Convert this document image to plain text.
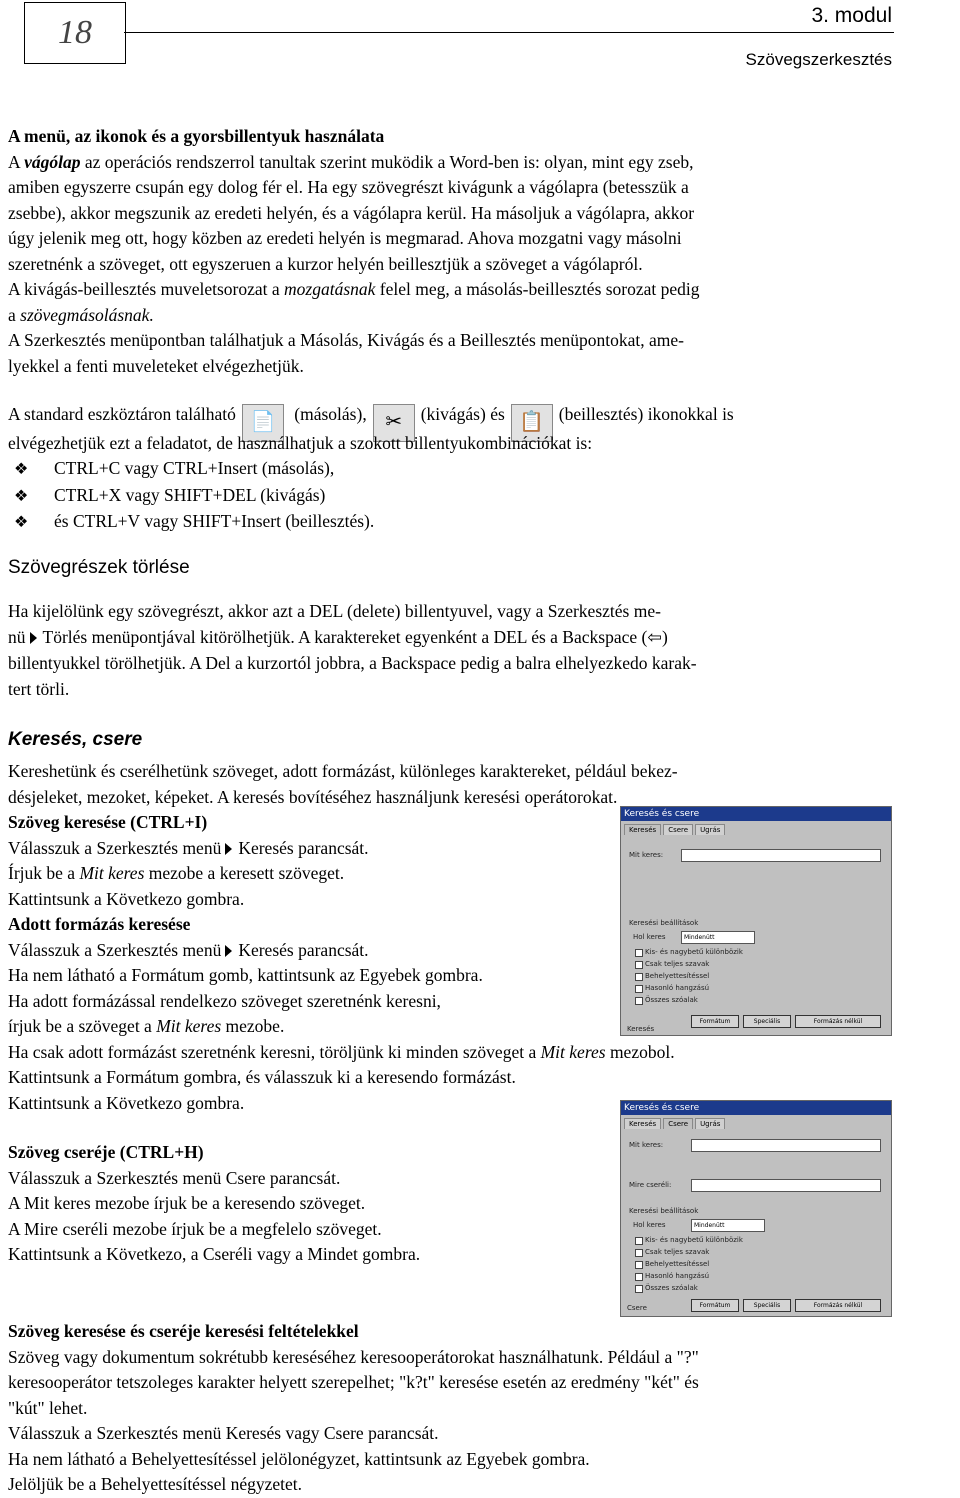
18	3. modul
Szövegszerkesztés
A menü, az ikonok és a gyorsbillentyuk használata
A vágólap az operációs rendszerrol tanultak szerint muködik a Word-ben is: olyan, mint egy zseb,
amiben egyszerre csupán egy dolog fér el. Ha egy szövegrészt kivágunk a vágólapra (betesszük a
zsebbe), akkor megszunik az eredeti helyén, és a vágólapra kerül. Ha másoljuk a vágólapra, akkor
úgy jelenik meg ott, hogy közben az eredeti helyén is megmarad. Ahova mozgatni vagy másolni
szeretnénk a szöveget, ott egyszeruen a kurzor helyén beillesztjük a szöveget a vágólapról.
A kivágás-beillesztés muveletsorozat a mozgatásnak felel meg, a másolás-beillesztés sorozat pedig
a szövegmásolásnak.
A Szerkesztés menüpontban találhatjuk a Másolás, Kivágás és a Beillesztés menüpontokat, ame-
lyekkel a fenti muveleteket elvégezhetjük.
A standard eszköztáron található 📄 (másolás), ✂ (kivágás) és 📋 (beillesztés) ikonokkal is
elvégezhetjük ezt a feladatot, de használhatjuk a szokott billentyukombinációkat is:
❖ CTRL+C vagy CTRL+Insert (másolás),
❖ CTRL+X vagy SHIFT+DEL (kivágás)
❖ és CTRL+V vagy SHIFT+Insert (beillesztés).
Szövegrészek törlése
Ha kijelölünk egy szövegrészt, akkor azt a DEL (delete) billentyuvel, vagy a Szerkesztés me-
nü Törlés menüpontjával kitörölhetjük. A karaktereket egyenként a DEL és a Backspace (⇦)
billentyukkel törölhetjük. A Del a kurzortól jobbra, a Backspace pedig a balra elhelyezkedo karak-
tert törli.
Keresés, csere
Kereshetünk és cserélhetünk szöveget, adott formázást, különleges karaktereket, például bekez-
désjeleket, mezoket, képeket. A keresés bovítéséhez használjunk keresési operátorokat.
Szöveg keresése (CTRL+I)
Válasszuk a Szerkesztés menü Keresés parancsát.
Írjuk be a Mit keres mezobe a keresett szöveget.
Kattintsunk a Következo gombra.
Adott formázás keresése
Válasszuk a Szerkesztés menü Keresés parancsát.
Ha nem látható a Formátum gomb, kattintsunk az Egyebek gombra.
Ha adott formázással rendelkezo szöveget szeretnénk keresni,
írjuk be a szöveget a Mit keres mezobe.
Ha csak adott formázást szeretnénk keresni, töröljünk ki minden szöveget a Mit keres mezobol.
Kattintsunk a Formátum gombra, és válasszuk ki a keresendo formázást.
Kattintsunk a Következo gombra.
Szöveg cseréje (CTRL+H)
Válasszuk a Szerkesztés menü Csere parancsát.
A Mit keres mezobe írjuk be a keresendo szöveget.
A Mire cseréli mezobe írjuk be a megfelelo szöveget.
Kattintsunk a Következo, a Cseréli vagy a Mindet gombra.
Szöveg keresése és cseréje keresési feltételekkel
Szöveg vagy dokumentum sokrétubb kereséséhez keresooperátorokat használhatunk. Például a "?"
keresooperátor tetszoleges karakter helyett szerepelhet; "k?t" keresése esetén az eredmény "két" és
"kút" lehet.
Válasszuk a Szerkesztés menü Keresés vagy Csere parancsát.
Ha nem látható a Behelyettesítéssel jelölonégyzet, kattintsunk az Egyebek gombra.
Jelöljük be a Behelyettesítéssel négyzetet.
Keresés és csere
Keresés	Csere	Ugrás
Mit keres:
Keresési beállítások
Hol keres	Mindenütt
Kis- és nagybetű különbözik
Csak teljes szavak
Behelyettesítéssel
Hasonló hangzású
Összes szóalak
Formátum	Speciális	Formázás nélkül
Keresés
Keresés és csere
Keresés	Csere	Ugrás
Mit keres:
Mire cseréli:
Keresési beállítások
Hol keres	Mindenütt
Kis- és nagybetű különbözik
Csak teljes szavak
Behelyettesítéssel
Hasonló hangzású
Összes szóalak
Formátum	Speciális	Formázás nélkül
Csere
